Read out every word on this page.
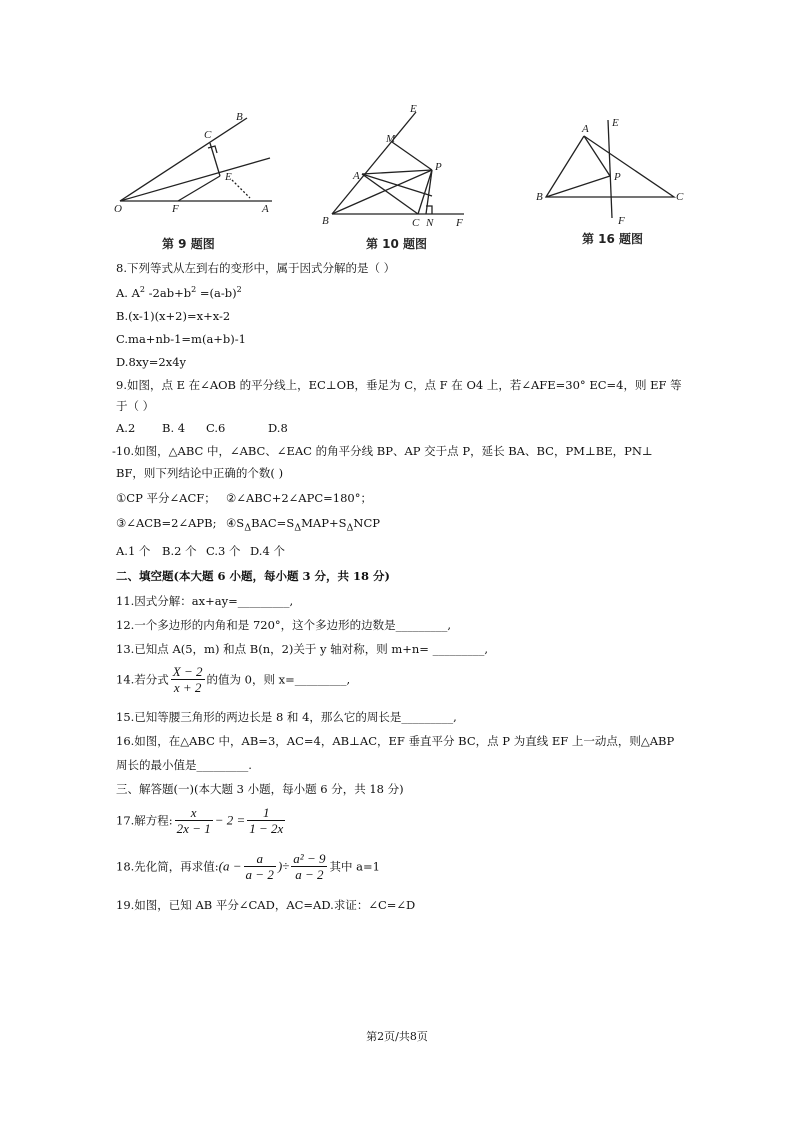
B
C
E
O	F	A
第 9 题图
E
M
A
P
B	C N F
第 10 题图
A E
P
B	C
F
第 16 题图
8.下列等式从左到右的变形中，属于因式分解的是（ ）
A. $A^2$ $-2ab+b^2 =(a-b)^2$
B.(x-1)(x+2)=x+x-2
C.ma+nb-1=m(a+b)-1
D.8xy=2x4y
9.如图，点 E 在∠AOB 的平分线上，EC⊥OB，垂足为 C，点 F 在 O4 上，若∠AFE=30° EC=4，则 EF 等
于（ ）
A.2 B. 4 C.6	D.8
-10.如图，△ABC 中，∠ABC、∠EAC 的角平分线 BP、AP 交于点 P，延长 BA、BC，PM⊥BE，PN⊥
BF，则下列结论中正确的个数( )
①CP 平分∠ACF； ②∠ABC+2∠APC=180°；
③∠ACB=2∠APB; $④S_\Delta BAC=S_\Delta MAP+S_\Delta NCP$
A.1 个 B.2 个 C.3 个 D.4 个
二、填空题(本大题 6 小题，每小题 3 分，共 18 分)
11.因式分解：ax+ay=_________,
12.一个多边形的内角和是 720°，这个多边形的边数是_________,
13.已知点 A(5，m) 和点 B(n，2)关于 y 轴对称，则 m+n= _________,
14.若分式 $\frac{X - 2}{x + 2}$ 的值为 0，则 x=_________,
15.已知等腰三角形的两边长是 8 和 4，那么它的周长是_________,
16.如图，在△ABC 中，AB=3，AC=4，AB⊥AC，EF 垂直平分 BC，点 P 为直线 EF 上一动点，则△ABP
周长的最小值是_________.
三、解答题(一)(本大题 3 小题，每小题 6 分，共 18 分)
17.解方程: $\frac{x}{2x - 1} - 2 = \frac{1}{1 - 2x}$
18.先化简，再求值:(a − $\frac{a}{a - 2}$ )÷ $\frac{\text{a² − 9}}{a - 2}$ 其中 a=1
19.如图，已知 AB 平分∠CAD，AC=AD.求证：∠C=∠D
第2页/共8页
